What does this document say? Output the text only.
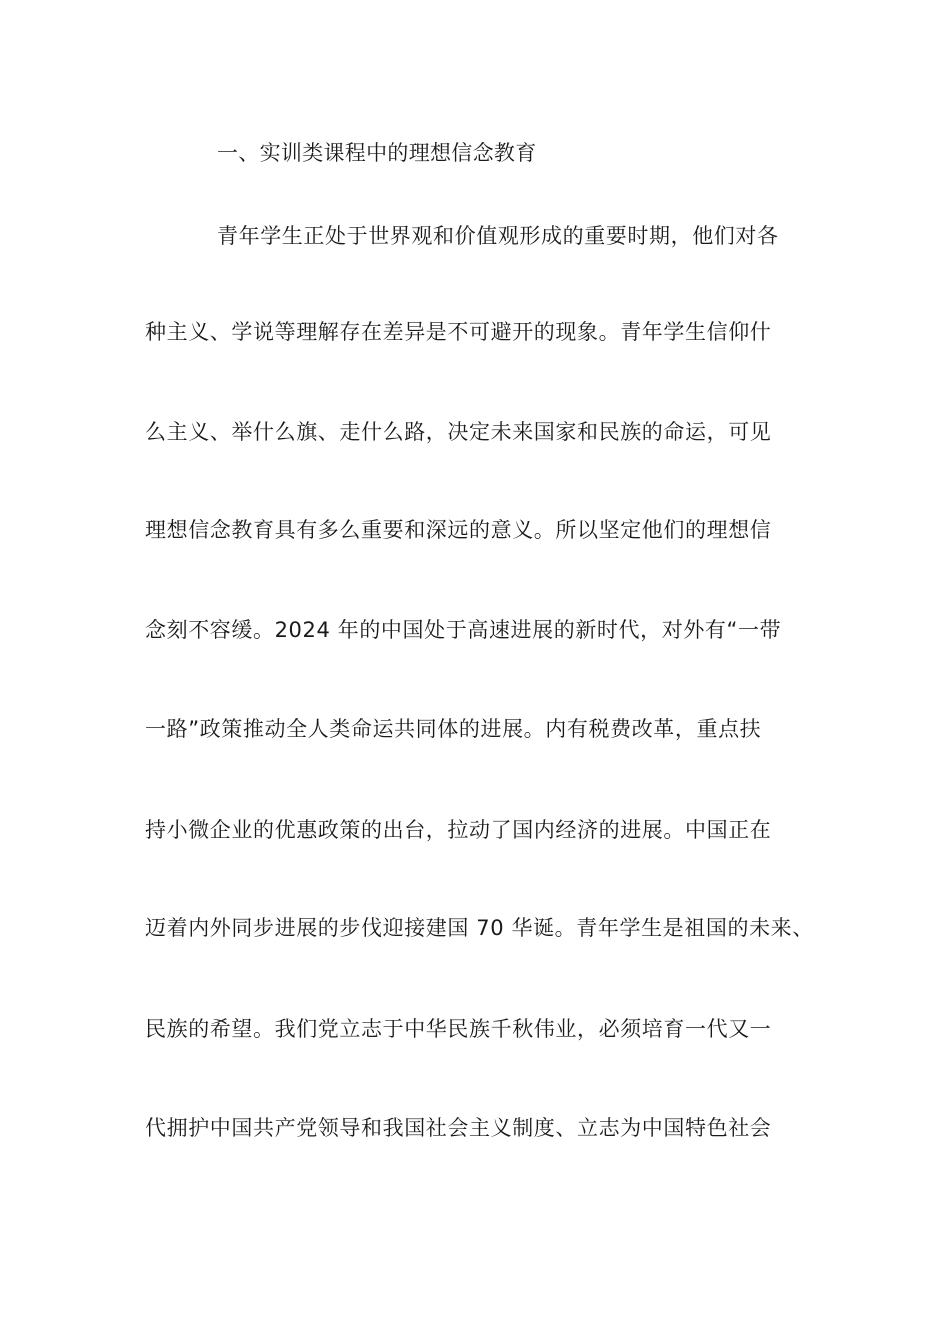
一、实训类课程中的理想信念教育
青年学生正处于世界观和价值观形成的重要时期，他们对各
种主义、学说等理解存在差异是不可避开的现象。青年学生信仰什
么主义、举什么旗、走什么路，决定未来国家和民族的命运，可见
理想信念教育具有多么重要和深远的意义。所以坚定他们的理想信
念刻不容缓。2024 年的中国处于高速进展的新时代，对外有“一带
一路”政策推动全人类命运共同体的进展。内有税费改革，重点扶
持小微企业的优惠政策的出台，拉动了国内经济的进展。中国正在
迈着内外同步进展的步伐迎接建国 70 华诞。青年学生是祖国的未来、
民族的希望。我们党立志于中华民族千秋伟业，必须培育一代又一
代拥护中国共产党领导和我国社会主义制度、立志为中国特色社会
